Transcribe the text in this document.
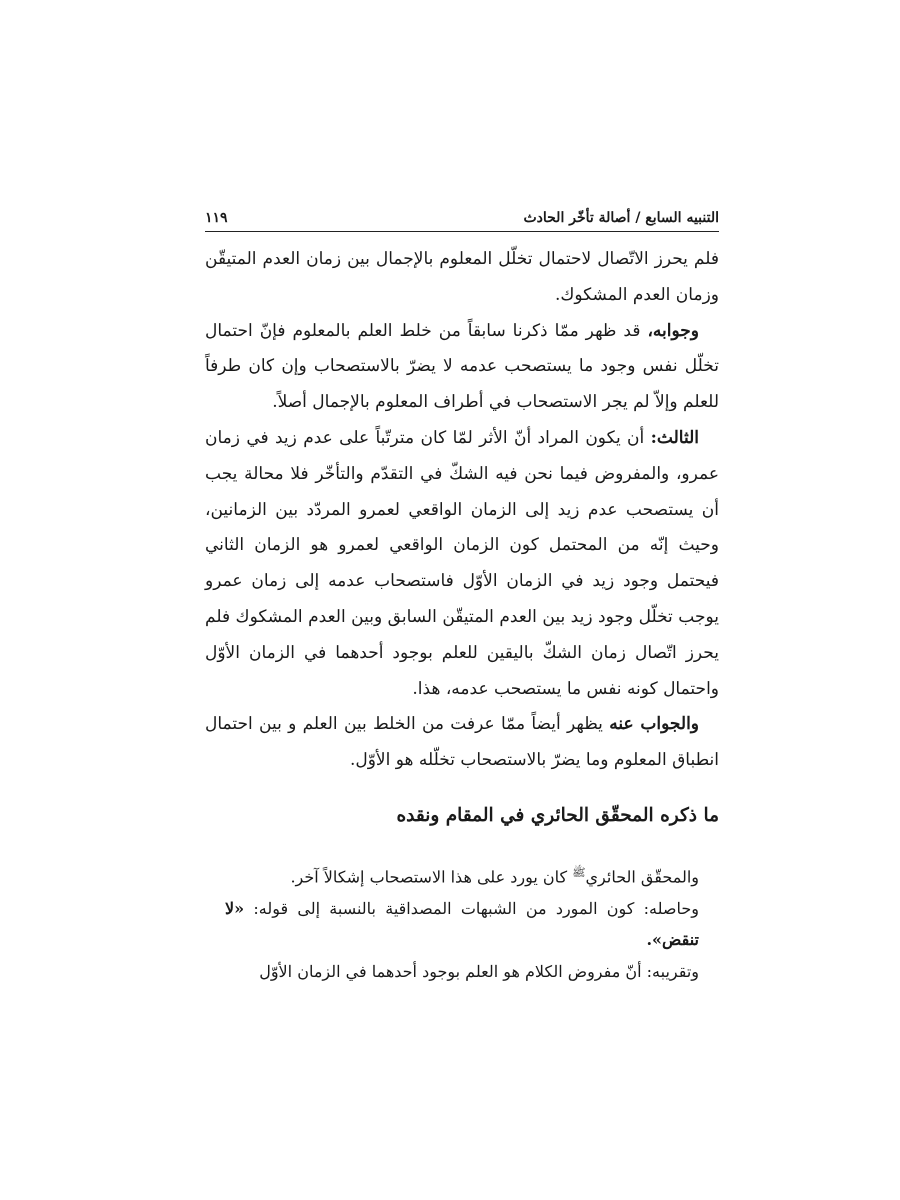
التنبيه السابع / أصالة تأخّر الحادث
١١٩

فلم يحرز الاتّصال لاحتمال تخلّل المعلوم بالإجمال بين زمان العدم المتيقّن وزمان العدم المشكوك.

وجوابه، قد ظهر ممّا ذكرنا سابقاً من خلط العلم بالمعلوم فإنّ احتمال تخلّل نفس وجود ما يستصحب عدمه لا يضرّ بالاستصحاب وإن كان طرفاً للعلم وإلاّ لم يجر الاستصحاب في أطراف المعلوم بالإجمال أصلاً.

الثالث: أن يكون المراد أنّ الأثر لمّا كان مترتّباً على عدم زيد في زمان عمرو، والمفروض فيما نحن فيه الشكّ في التقدّم والتأخّر فلا محالة يجب أن يستصحب عدم زيد إلى الزمان الواقعي لعمرو المردّد بين الزمانين، وحيث إنّه من المحتمل كون الزمان الواقعي لعمرو هو الزمان الثاني فيحتمل وجود زيد في الزمان الأوّل فاستصحاب عدمه إلى زمان عمرو يوجب تخلّل وجود زيد بين العدم المتيقّن السابق وبين العدم المشكوك فلم يحرز اتّصال زمان الشكّ باليقين للعلم بوجود أحدهما في الزمان الأوّل واحتمال كونه نفس ما يستصحب عدمه، هذا.

والجواب عنه يظهر أيضاً ممّا عرفت من الخلط بين العلم و بين احتمال انطباق المعلوم وما يضرّ بالاستصحاب تخلّله هو الأوّل.

ما ذكره المحقّق الحائري في المقام ونقده

والمحقّق الحائري$^ﷺ$ كان يورد على هذا الاستصحاب إشكالاً آخر.

وحاصله: كون المورد من الشبهات المصداقية بالنسبة إلى قوله: «لا تنقض».

وتقريبه: أنّ مفروض الكلام هو العلم بوجود أحدهما في الزمان الأوّل
